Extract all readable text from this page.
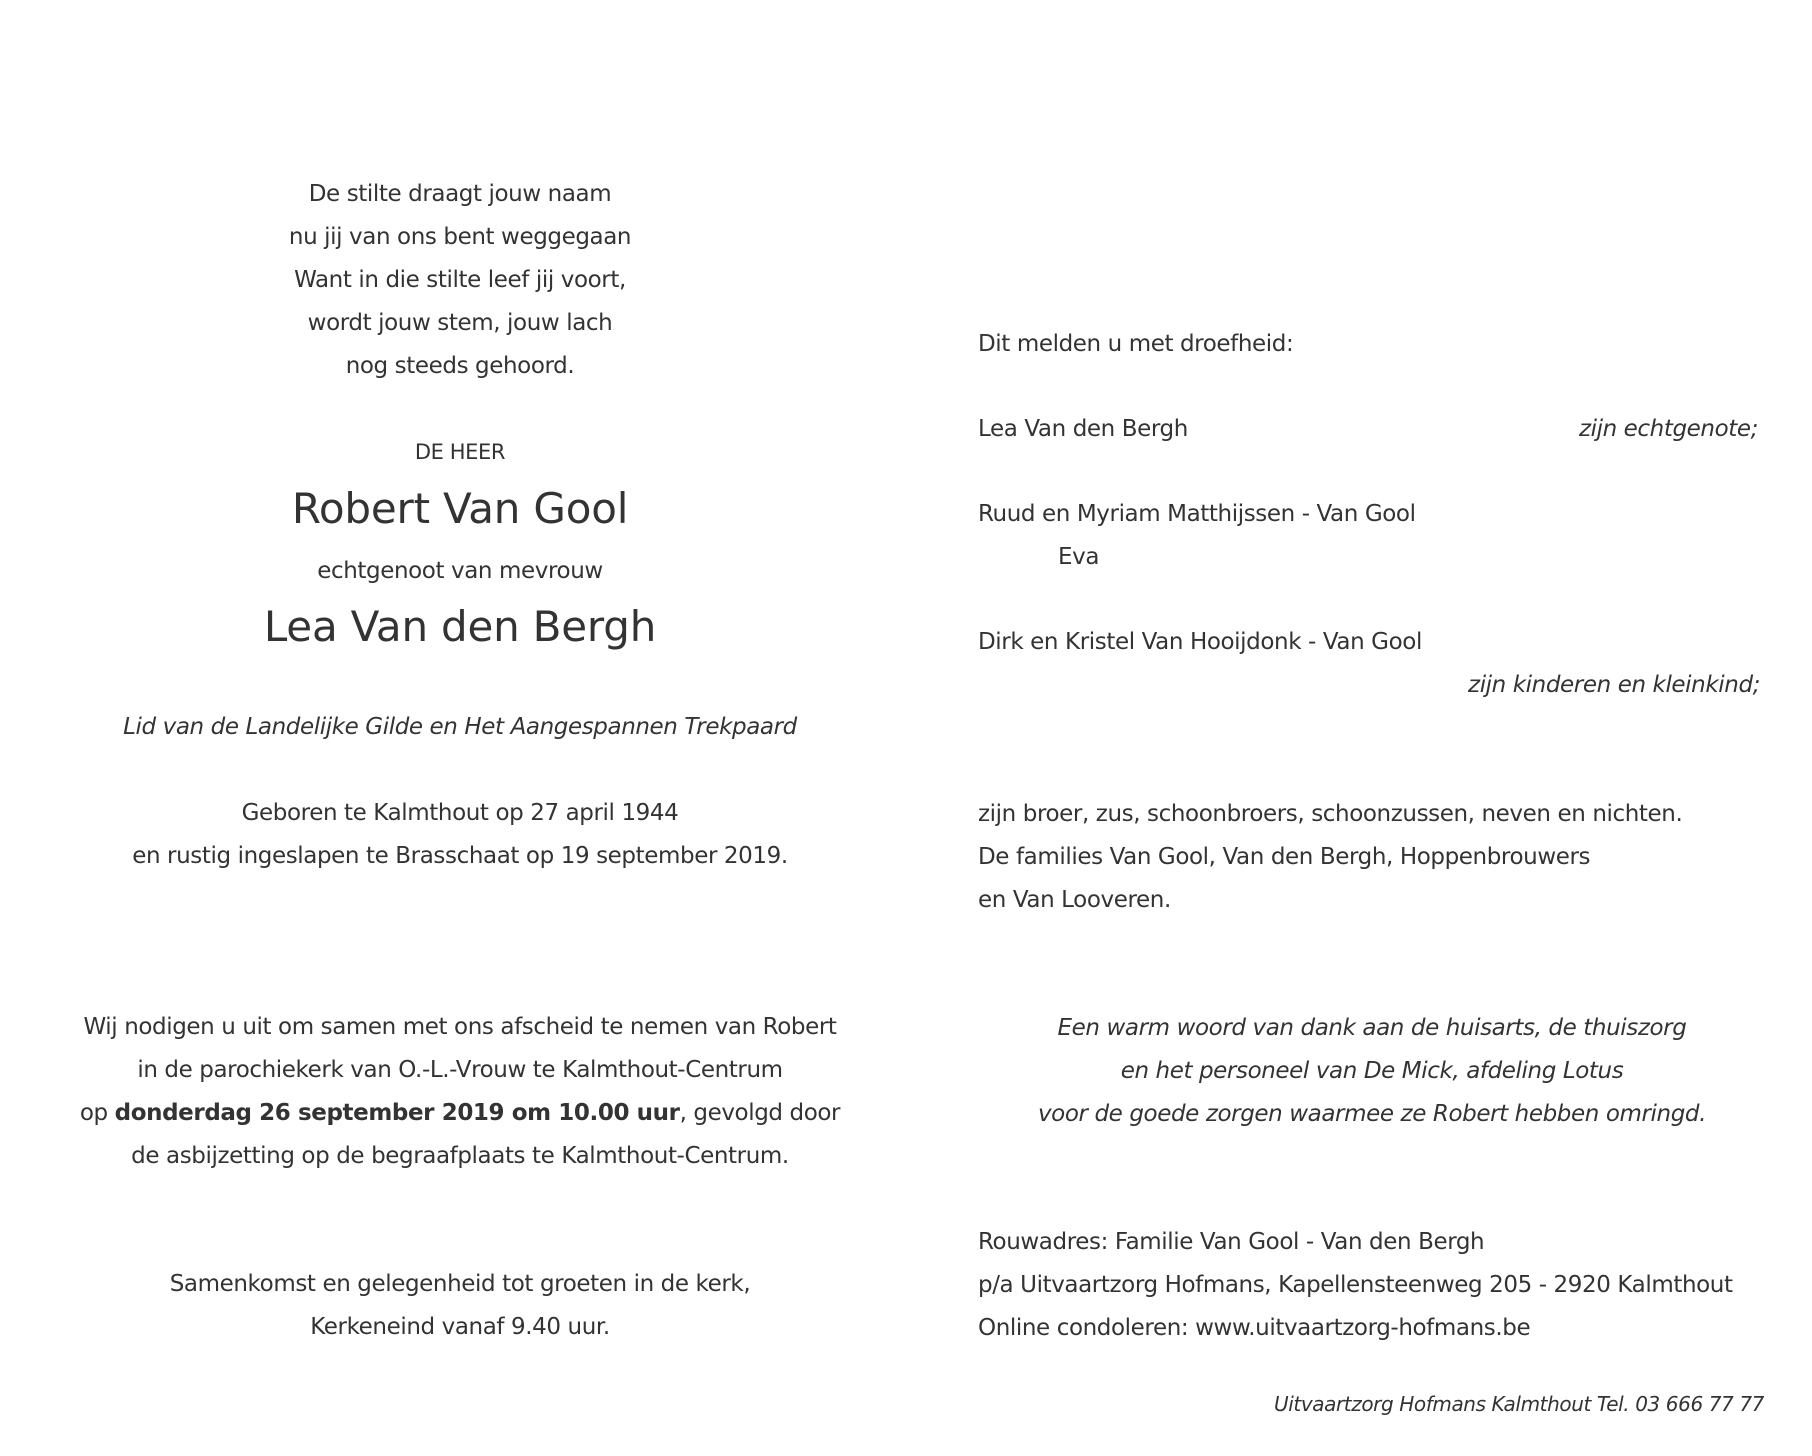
De stilte draagt jouw naam
nu jij van ons bent weggegaan
Want in die stilte leef jij voort,
wordt jouw stem, jouw lach
nog steeds gehoord.
DE HEER
Robert Van Gool
echtgenoot van mevrouw
Lea Van den Bergh
Lid van de Landelijke Gilde en Het Aangespannen Trekpaard
Geboren te Kalmthout op 27 april 1944
en rustig ingeslapen te Brasschaat op 19 september 2019.
Wij nodigen u uit om samen met ons afscheid te nemen van Robert
in de parochiekerk van O.-L.-Vrouw te Kalmthout-Centrum
op donderdag 26 september 2019 om 10.00 uur, gevolgd door
de asbijzetting op de begraafplaats te Kalmthout-Centrum.
Samenkomst en gelegenheid tot groeten in de kerk,
Kerkeneind vanaf 9.40 uur.
Dit melden u met droefheid:
Lea Van den Bergh	zijn echtgenote;
Ruud en Myriam Matthijssen - Van Gool
Eva
Dirk en Kristel Van Hooijdonk - Van Gool
zijn kinderen en kleinkind;
zijn broer, zus, schoonbroers, schoonzussen, neven en nichten.
De families Van Gool, Van den Bergh, Hoppenbrouwers
en Van Looveren.
Een warm woord van dank aan de huisarts, de thuiszorg
en het personeel van De Mick, afdeling Lotus
voor de goede zorgen waarmee ze Robert hebben omringd.
Rouwadres: Familie Van Gool - Van den Bergh
p/a Uitvaartzorg Hofmans, Kapellensteenweg 205 - 2920 Kalmthout
Online condoleren: www.uitvaartzorg-hofmans.be
Uitvaartzorg Hofmans Kalmthout Tel. 03 666 77 77
